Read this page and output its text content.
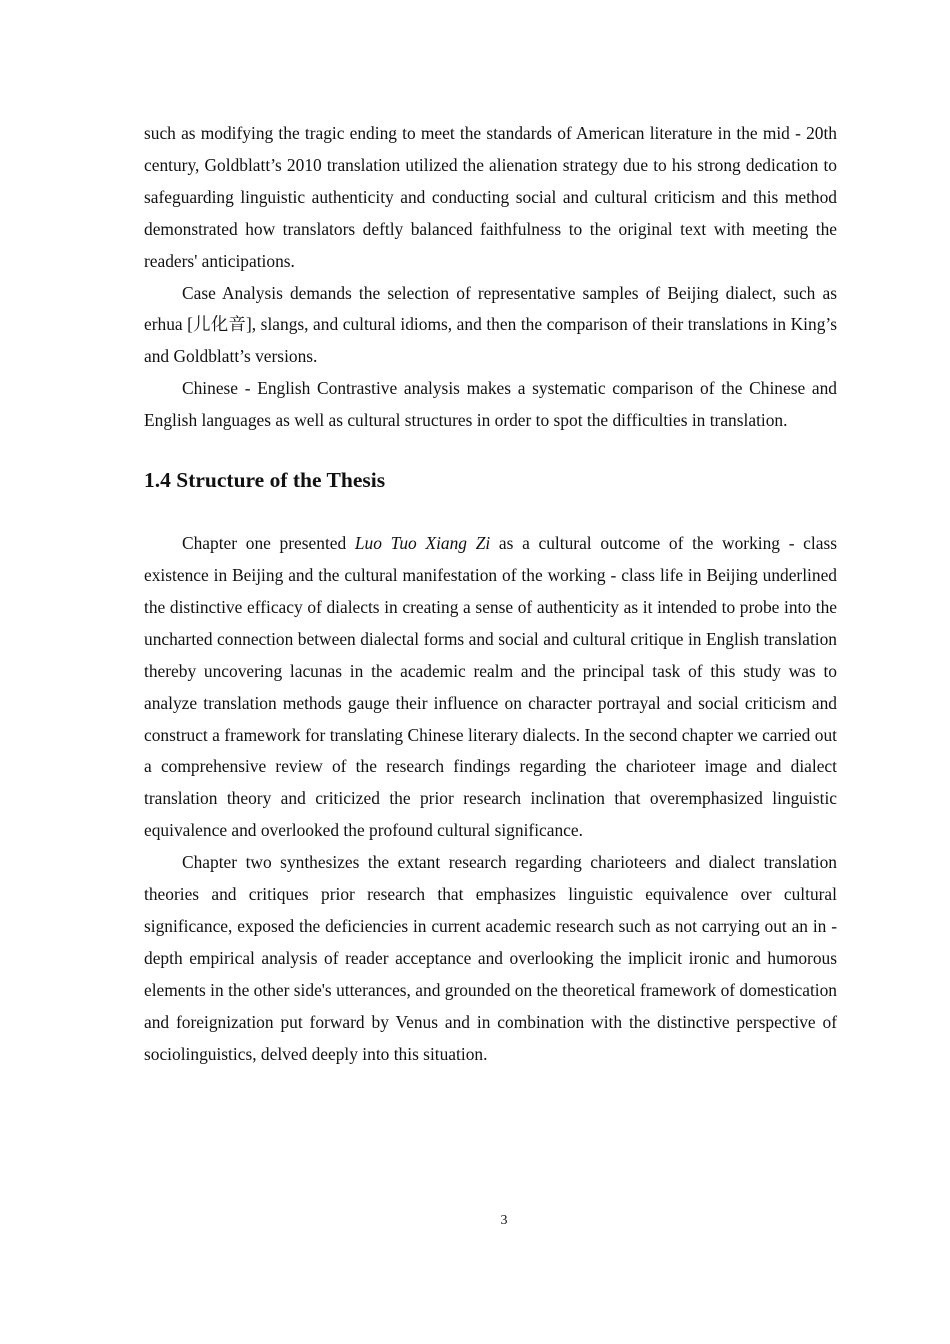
such as modifying the tragic ending to meet the standards of American literature in the mid - 20th century, Goldblatt’s 2010 translation utilized the alienation strategy due to his strong dedication to safeguarding linguistic authenticity and conducting social and cultural criticism and this method demonstrated how translators deftly balanced faithfulness to the original text with meeting the readers' anticipations.

Case Analysis demands the selection of representative samples of Beijing dialect, such as erhua [儿化音], slangs, and cultural idioms, and then the comparison of their translations in King’s and Goldblatt’s versions.

Chinese - English Contrastive analysis makes a systematic comparison of the Chinese and English languages as well as cultural structures in order to spot the difficulties in translation.

1.4 Structure of the Thesis

Chapter one presented Luo Tuo Xiang Zi as a cultural outcome of the working - class existence in Beijing and the cultural manifestation of the working - class life in Beijing underlined the distinctive efficacy of dialects in creating a sense of authenticity as it intended to probe into the uncharted connection between dialectal forms and social and cultural critique in English translation thereby uncovering lacunas in the academic realm and the principal task of this study was to analyze translation methods gauge their influence on character portrayal and social criticism and construct a framework for translating Chinese literary dialects. In the second chapter we carried out a comprehensive review of the research findings regarding the charioteer image and dialect translation theory and criticized the prior research inclination that overemphasized linguistic equivalence and overlooked the profound cultural significance.

Chapter two synthesizes the extant research regarding charioteers and dialect translation theories and critiques prior research that emphasizes linguistic equivalence over cultural significance, exposed the deficiencies in current academic research such as not carrying out an in - depth empirical analysis of reader acceptance and overlooking the implicit ironic and humorous elements in the other side's utterances, and grounded on the theoretical framework of domestication and foreignization put forward by Venus and in combination with the distinctive perspective of sociolinguistics, delved deeply into this situation.

3
